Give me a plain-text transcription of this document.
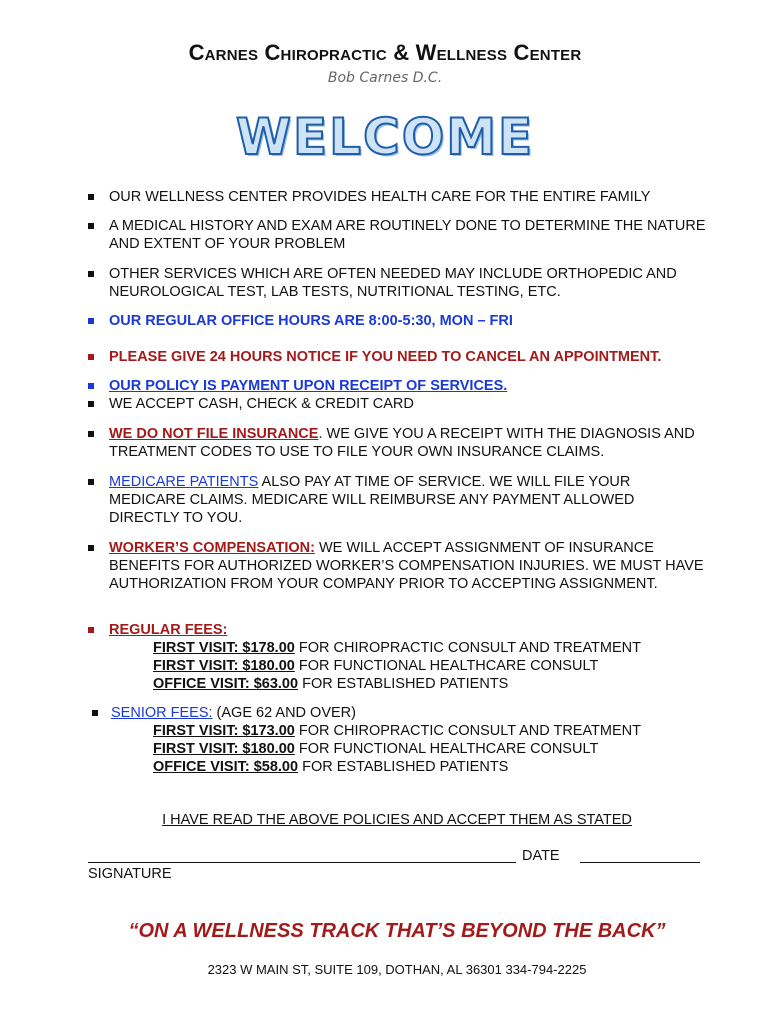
Carnes Chiropractic & Wellness Center
Bob Carnes D.C.
WELCOME
OUR WELLNESS CENTER PROVIDES HEALTH CARE FOR THE ENTIRE FAMILY
A MEDICAL HISTORY AND EXAM ARE ROUTINELY DONE TO DETERMINE THE NATURE AND EXTENT OF YOUR PROBLEM
OTHER SERVICES WHICH ARE OFTEN NEEDED MAY INCLUDE ORTHOPEDIC AND NEUROLOGICAL TEST, LAB TESTS, NUTRITIONAL TESTING, ETC.
OUR REGULAR OFFICE HOURS ARE 8:00-5:30, MON – FRI
PLEASE GIVE 24 HOURS NOTICE IF YOU NEED TO CANCEL AN APPOINTMENT.
OUR POLICY IS PAYMENT UPON RECEIPT OF SERVICES.
WE ACCEPT CASH, CHECK & CREDIT CARD
WE DO NOT FILE INSURANCE. WE GIVE YOU A RECEIPT WITH THE DIAGNOSIS AND TREATMENT CODES TO USE TO FILE YOUR OWN INSURANCE CLAIMS.
MEDICARE PATIENTS ALSO PAY AT TIME OF SERVICE. WE WILL FILE YOUR MEDICARE CLAIMS. MEDICARE WILL REIMBURSE ANY PAYMENT ALLOWED DIRECTLY TO YOU.
WORKER’S COMPENSATION: WE WILL ACCEPT ASSIGNMENT OF INSURANCE BENEFITS FOR AUTHORIZED WORKER’S COMPENSATION INJURIES. WE MUST HAVE AUTHORIZATION FROM YOUR COMPANY PRIOR TO ACCEPTING ASSIGNMENT.
REGULAR FEES:
FIRST VISIT: $178.00 FOR CHIROPRACTIC CONSULT AND TREATMENT
FIRST VISIT: $180.00 FOR FUNCTIONAL HEALTHCARE CONSULT
OFFICE VISIT: $63.00 FOR ESTABLISHED PATIENTS
SENIOR FEES: (AGE 62 AND OVER)
FIRST VISIT: $173.00 FOR CHIROPRACTIC CONSULT AND TREATMENT
FIRST VISIT: $180.00 FOR FUNCTIONAL HEALTHCARE CONSULT
OFFICE VISIT: $58.00 FOR ESTABLISHED PATIENTS
I HAVE READ THE ABOVE POLICIES AND ACCEPT THEM AS STATED
DATE
SIGNATURE
“ON A WELLNESS TRACK THAT’S BEYOND THE BACK”
2323 W MAIN ST, SUITE 109, DOTHAN, AL 36301 334-794-2225
